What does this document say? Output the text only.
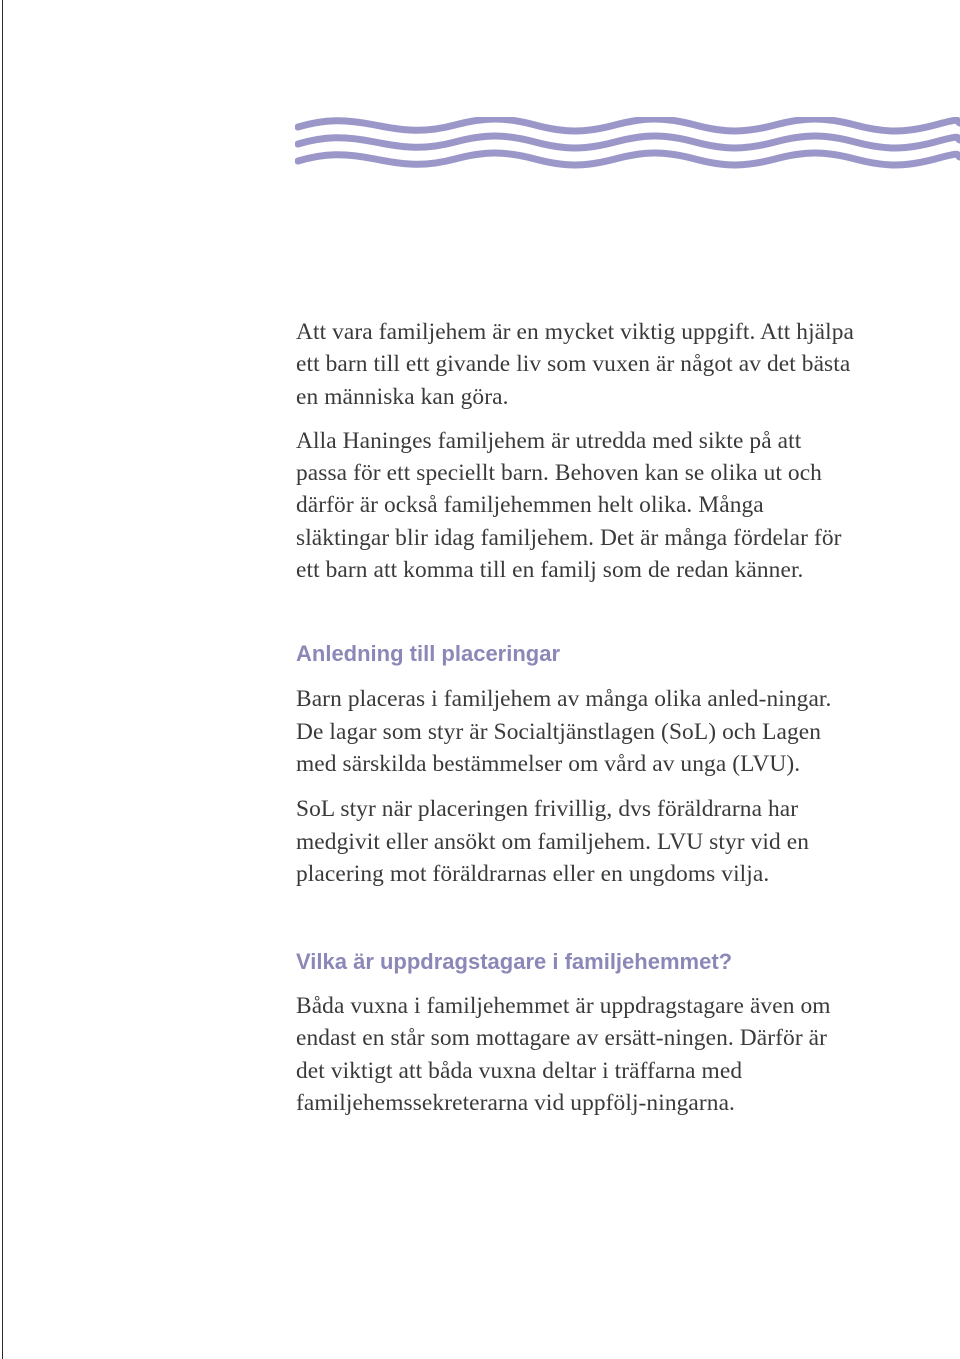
Att vara familjehem är en mycket viktig uppgift. Att hjälpa ett barn till ett givande liv som vuxen är något av det bästa en människa kan göra.

Alla Haninges familjehem är utredda med sikte på att passa för ett speciellt barn. Behoven kan se olika ut och därför är också familjehemmen helt olika. Många släktingar blir idag familjehem. Det är många fördelar för ett barn att komma till en familj som de redan känner.

Anledning till placeringar

Barn placeras i familjehem av många olika anled-ningar. De lagar som styr är Socialtjänstlagen (SoL) och Lagen med särskilda bestämmelser om vård av unga (LVU).

SoL styr när placeringen frivillig, dvs föräldrarna har medgivit eller ansökt om familjehem. LVU styr vid en placering mot föräldrarnas eller en ungdoms vilja.

Vilka är uppdragstagare i familjehemmet?

Båda vuxna i familjehemmet är uppdragstagare även om endast en står som mottagare av ersätt-ningen. Därför är det viktigt att båda vuxna deltar i träffarna med familjehemssekreterarna vid uppfölj-ningarna.
